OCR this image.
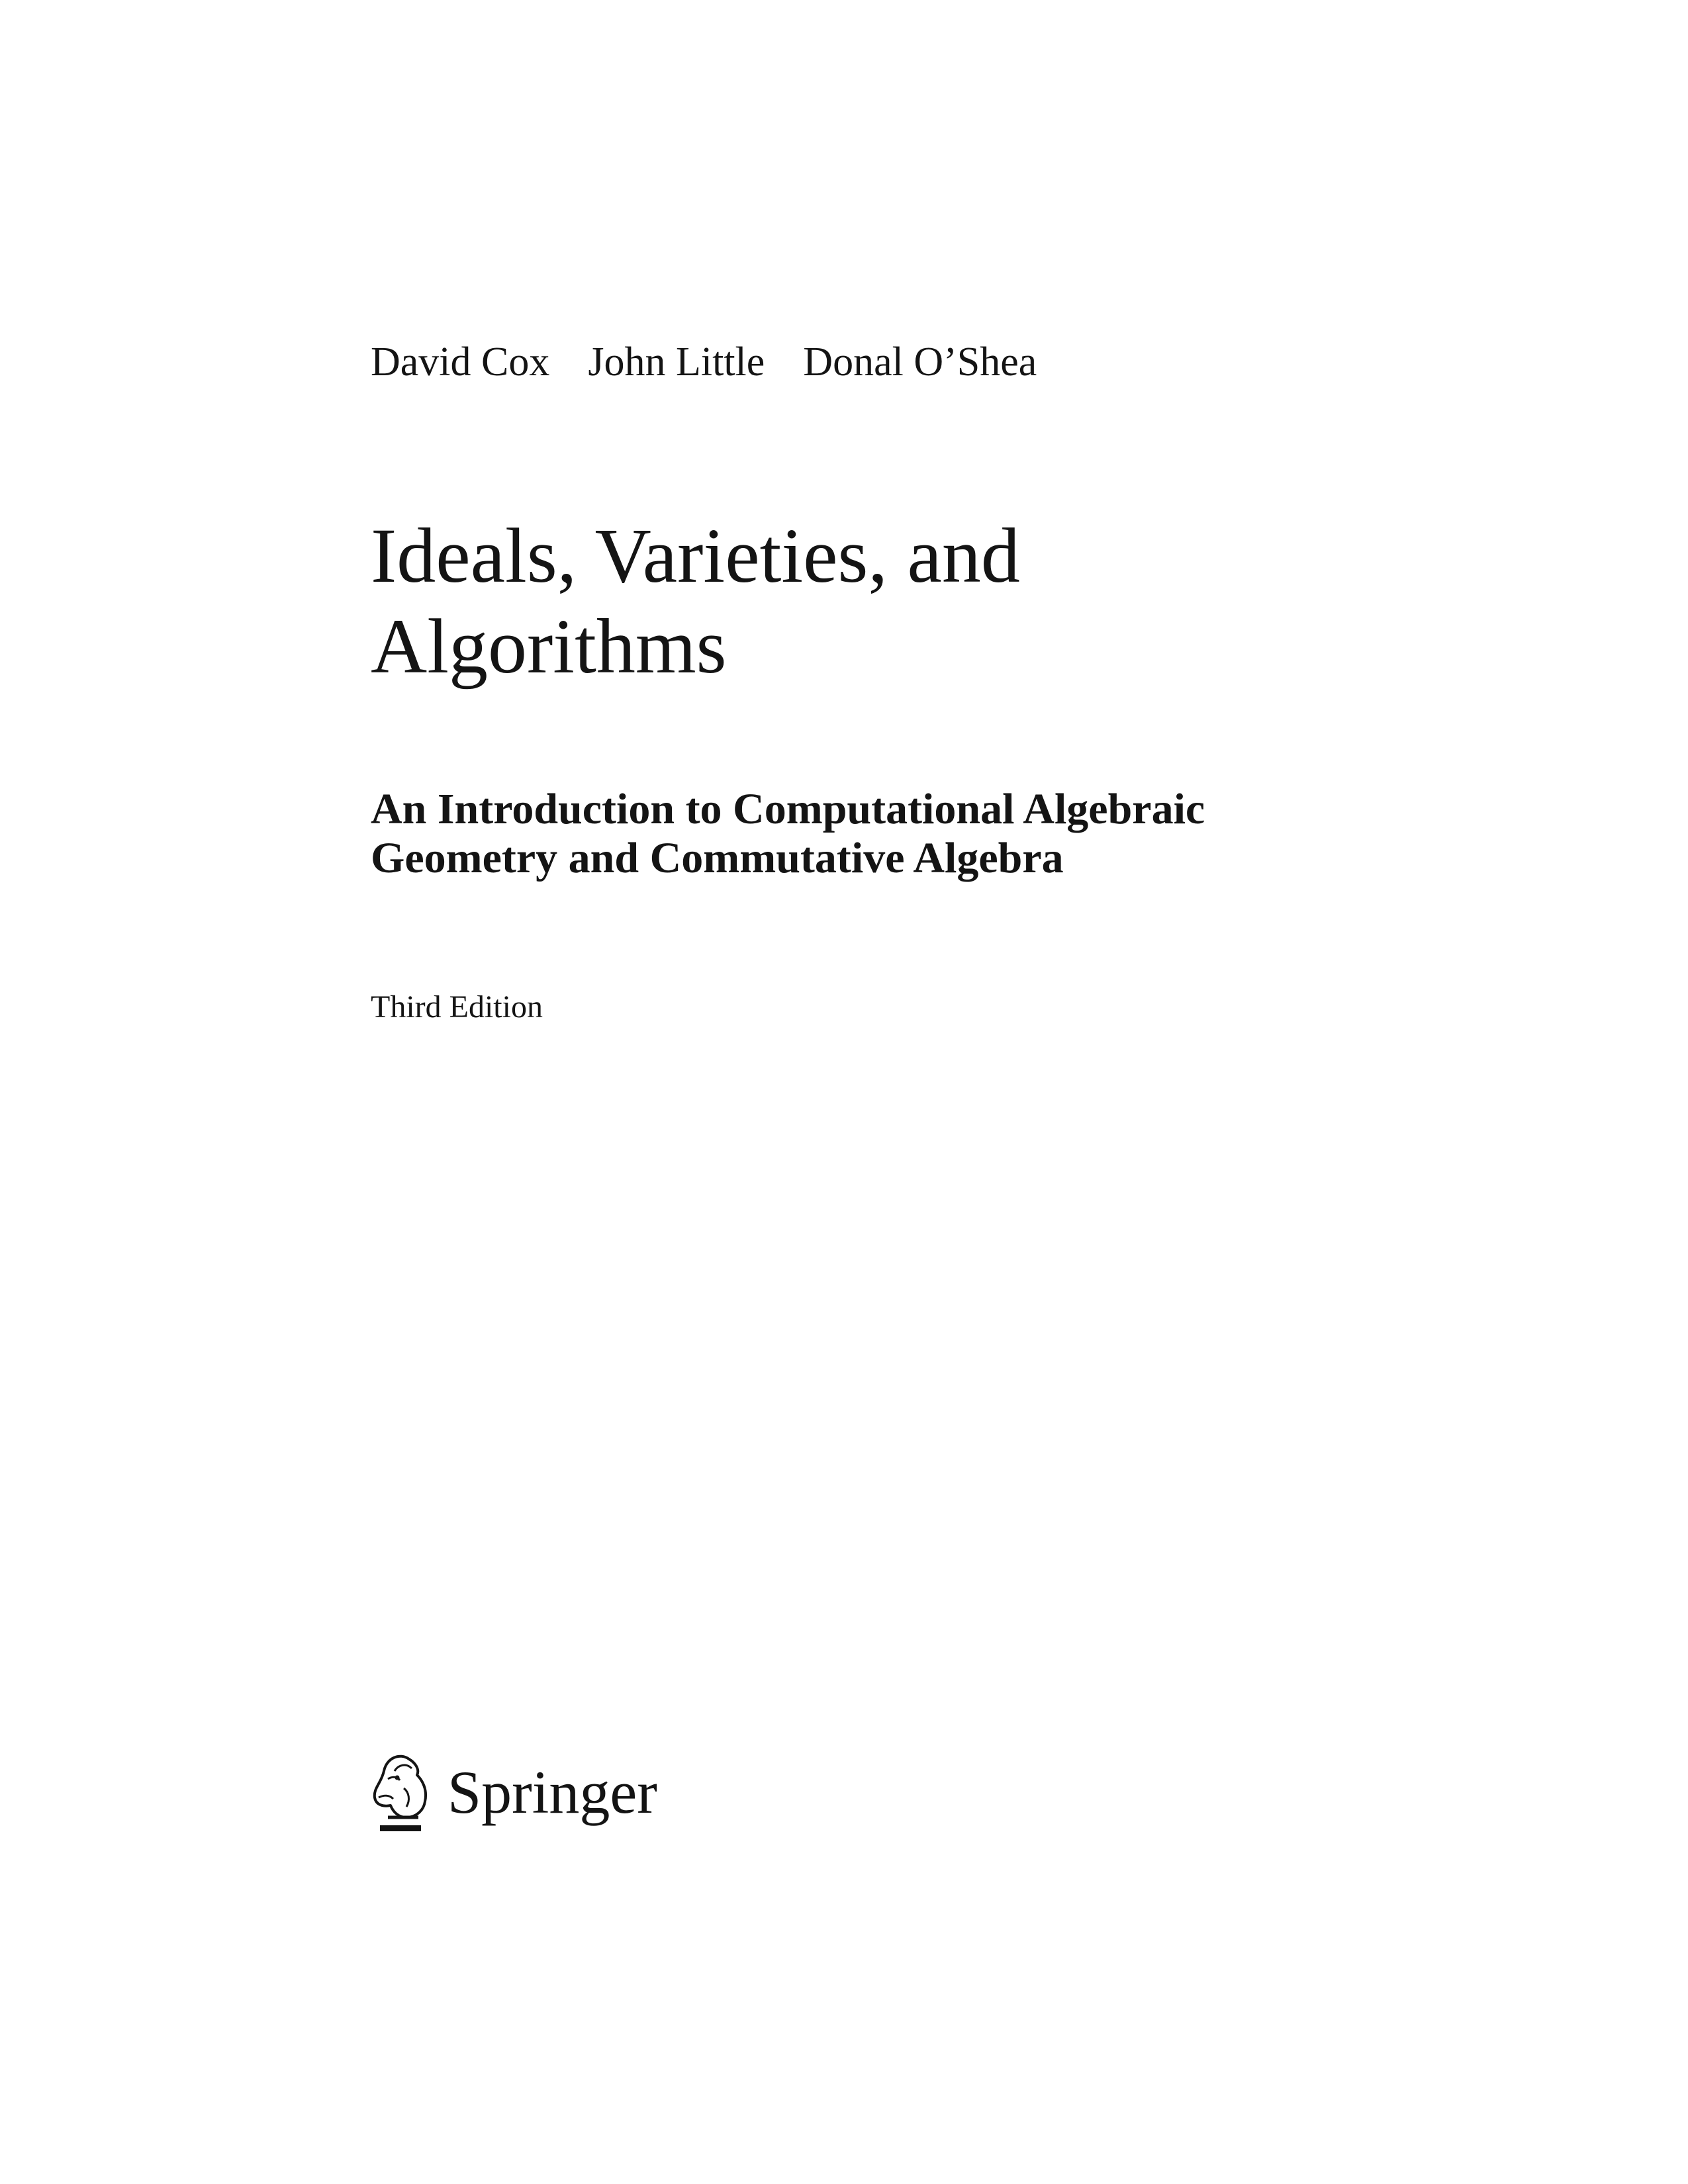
David Cox John Little Donal O’Shea
Ideals, Varieties, and
Algorithms
An Introduction to Computational Algebraic
Geometry and Commutative Algebra
Third Edition
Springer
